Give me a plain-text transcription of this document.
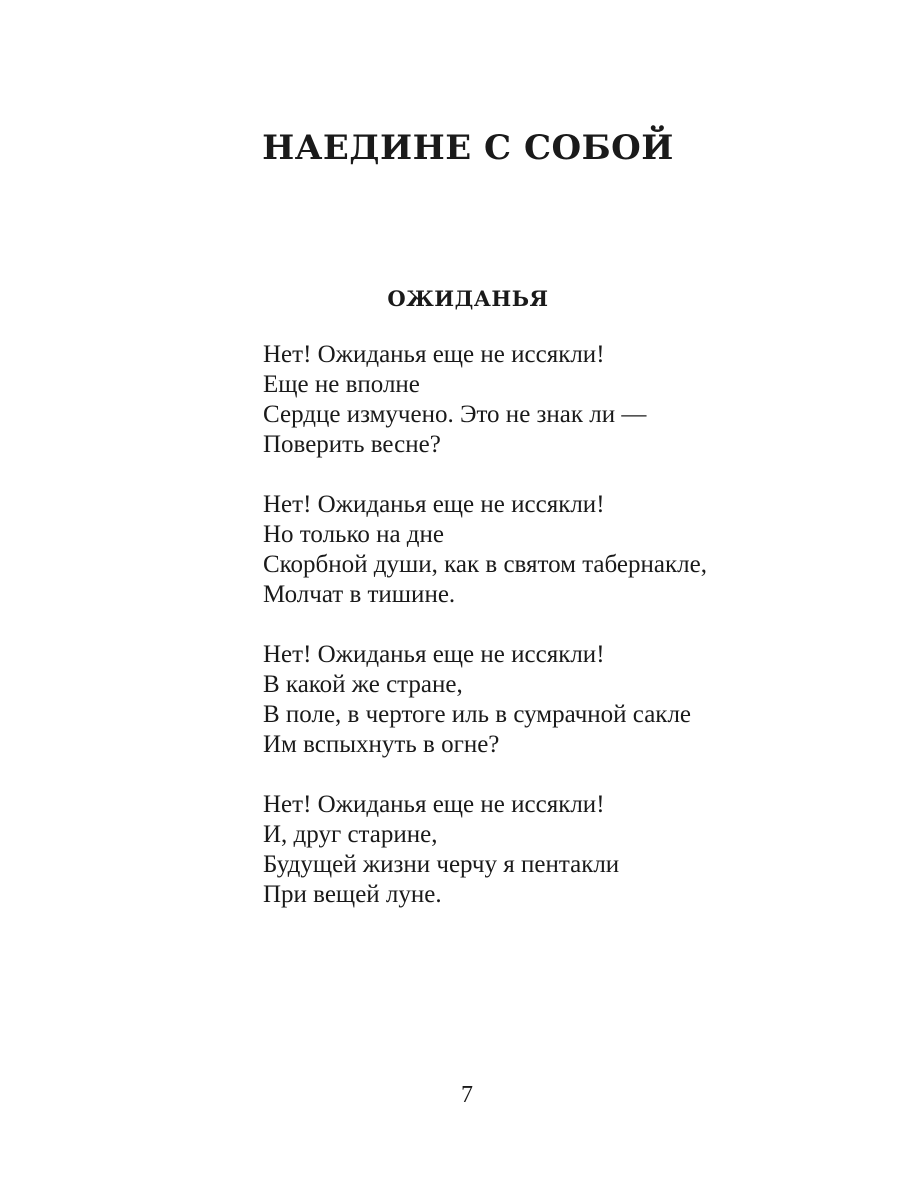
НАЕДИНЕ С СОБОЙ
ОЖИДАНЬЯ
Нет! Ожиданья еще не иссякли!
Еще не вполне
Сердце измучено. Это не знак ли —
Поверить весне?
Нет! Ожиданья еще не иссякли!
Но только на дне
Скорбной души, как в святом табернакле,
Молчат в тишине.
Нет! Ожиданья еще не иссякли!
В какой же стране,
В поле, в чертоге иль в сумрачной сакле
Им вспыхнуть в огне?
Нет! Ожиданья еще не иссякли!
И, друг старине,
Будущей жизни черчу я пентакли
При вещей луне.
7
